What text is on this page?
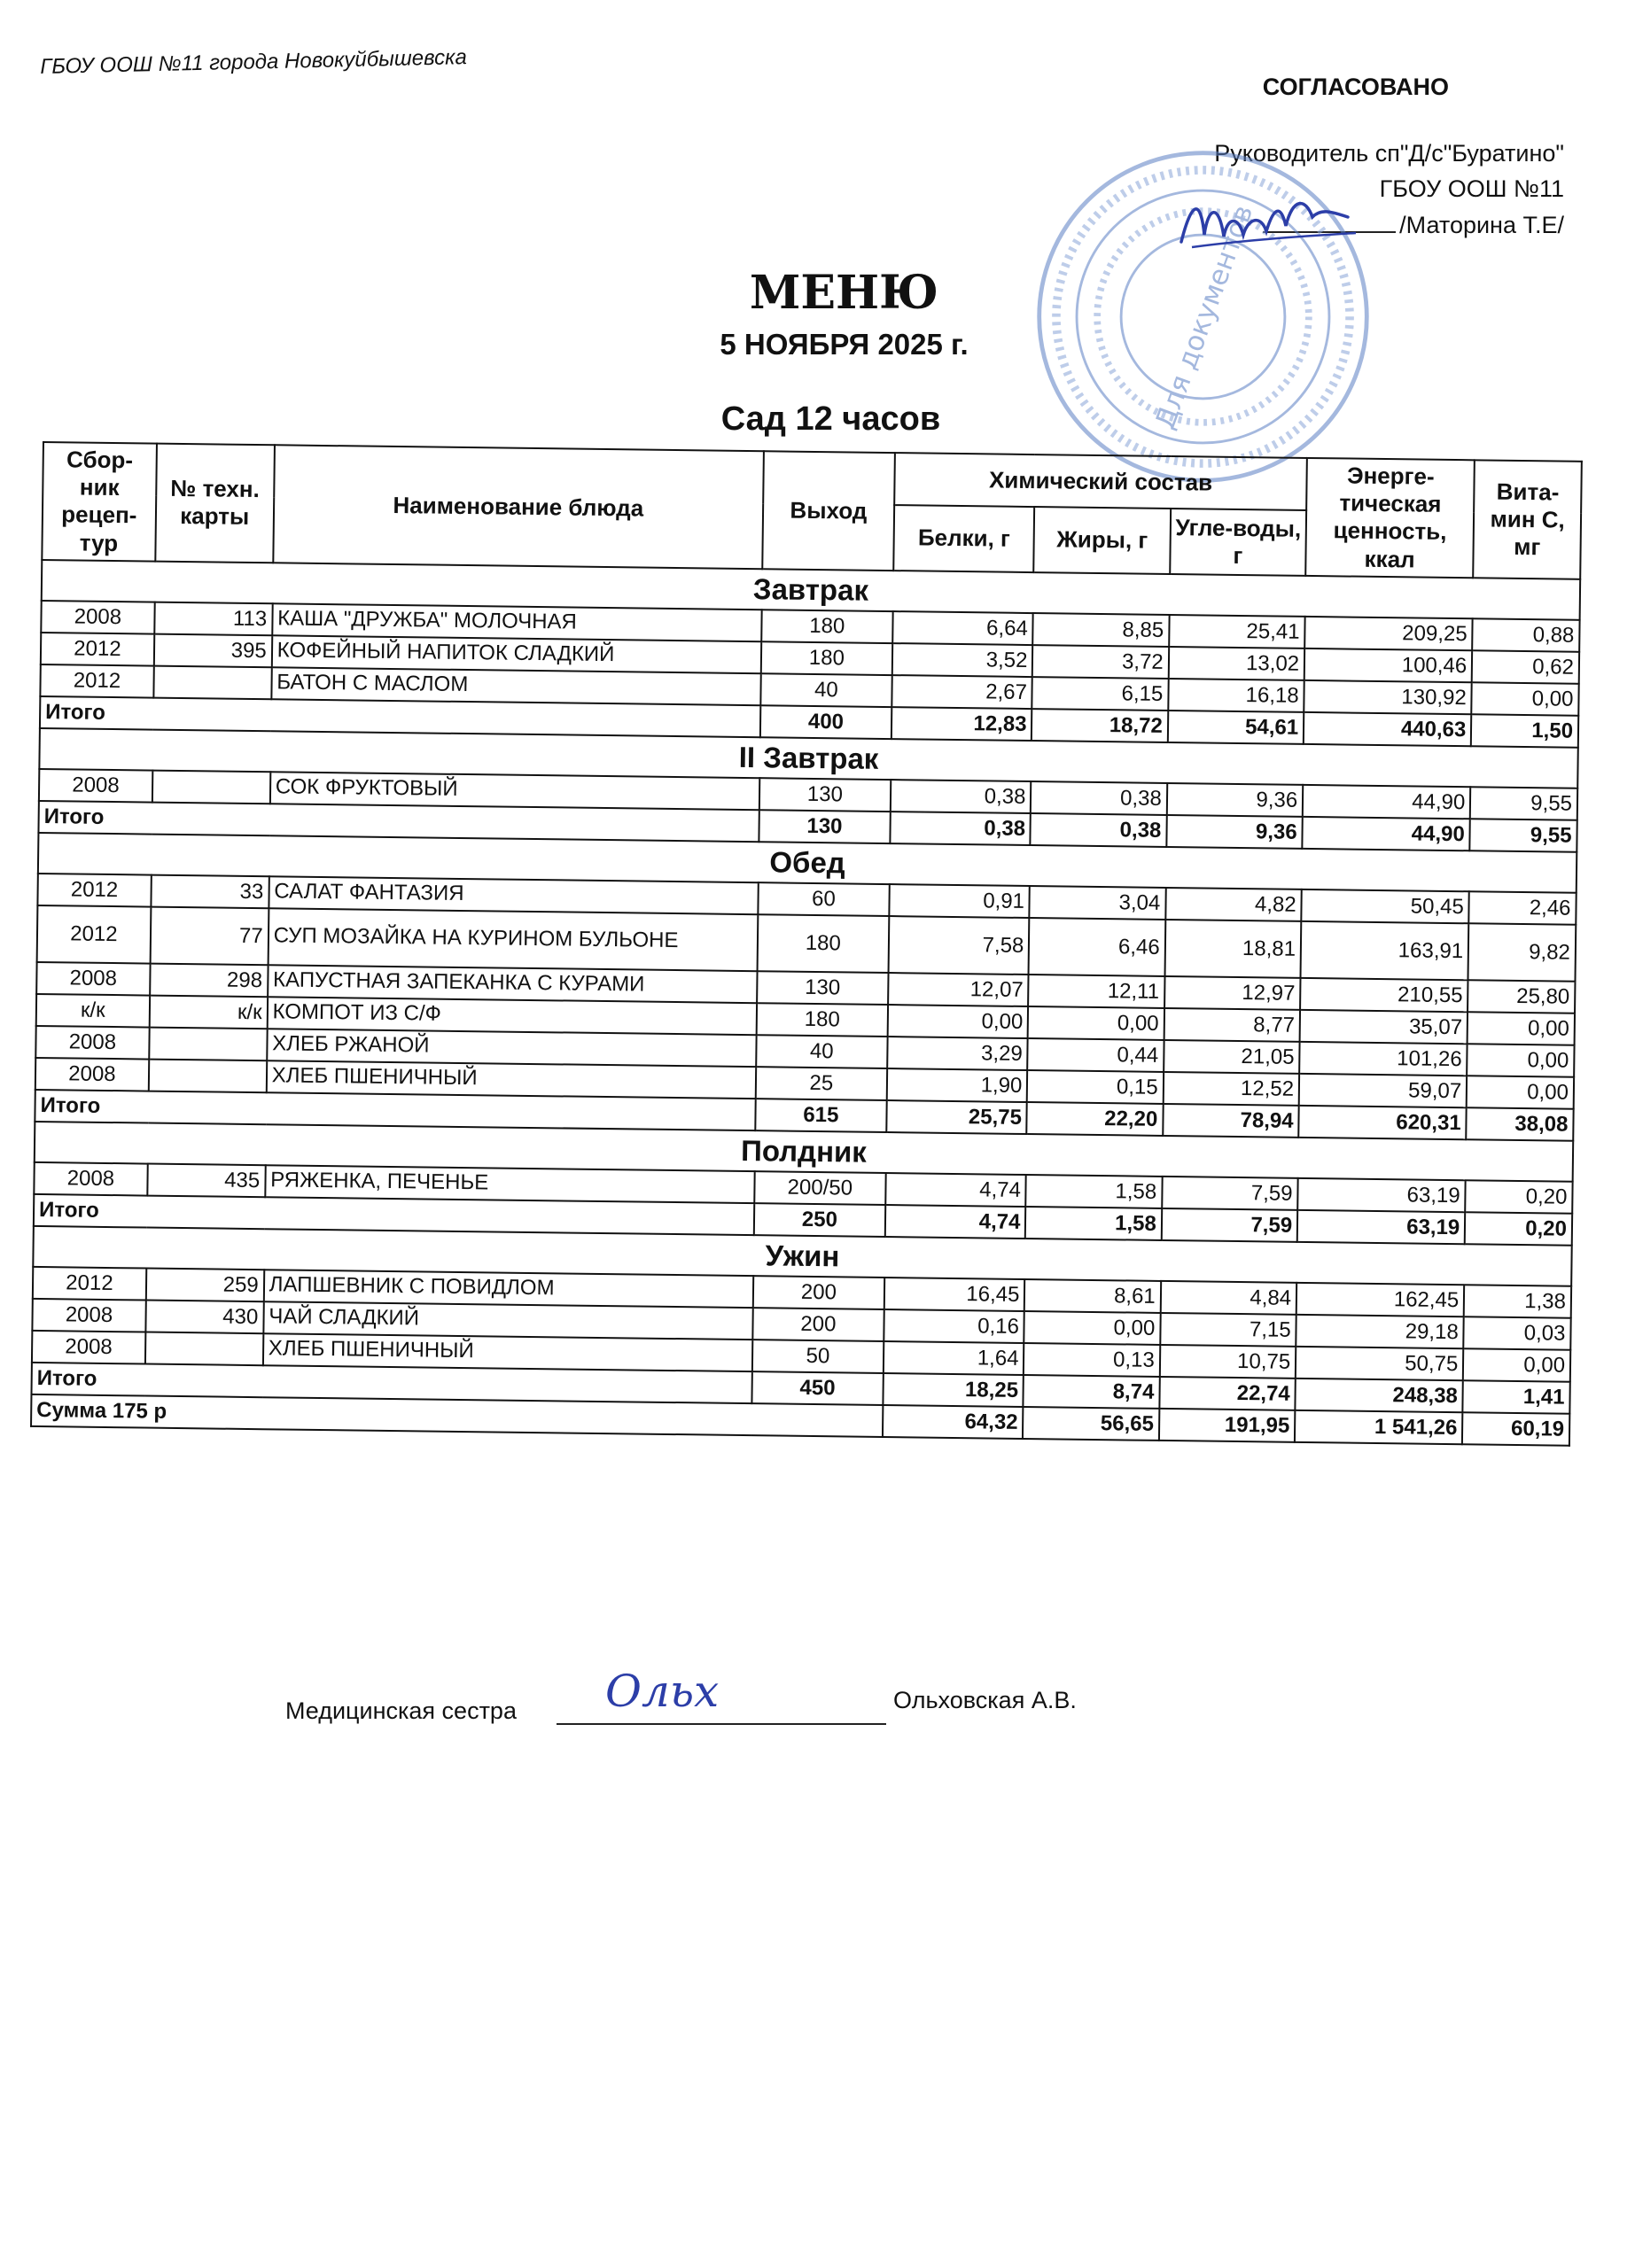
ГБОУ ООШ №11 города Новокуйбышевска
СОГЛАСОВАНО
Руководитель сп"Д/с"Буратино"
ГБОУ ООШ №11
/Маторина Т.Е/
Для документов
МЕНЮ
5 НОЯБРЯ 2025 г.
Сад 12 часов
Сбор-ник рецеп-тур	№ техн. карты	Наименование блюда	Выход	Химический состав			Энерге-тическая ценность, ккал	Вита-мин С, мг
				Белки, г	Жиры, г	Угле-воды, г		
Завтрак								
2008	113	КАША "ДРУЖБА" МОЛОЧНАЯ	180	6,64	8,85	25,41	209,25	0,88
2012	395	КОФЕЙНЫЙ НАПИТОК СЛАДКИЙ	180	3,52	3,72	13,02	100,46	0,62
2012		БАТОН С МАСЛОМ	40	2,67	6,15	16,18	130,92	0,00
Итого			400	12,83	18,72	54,61	440,63	1,50
II Завтрак								
2008		СОК ФРУКТОВЫЙ	130	0,38	0,38	9,36	44,90	9,55
Итого			130	0,38	0,38	9,36	44,90	9,55
Обед								
2012	33	САЛАТ ФАНТАЗИЯ	60	0,91	3,04	4,82	50,45	2,46
2012	77	СУП МОЗАЙКА НА КУРИНОМ БУЛЬОНЕ	180	7,58	6,46	18,81	163,91	9,82
2008	298	КАПУСТНАЯ ЗАПЕКАНКА С КУРАМИ	130	12,07	12,11	12,97	210,55	25,80
к/к	к/к	КОМПОТ ИЗ С/Ф	180	0,00	0,00	8,77	35,07	0,00
2008		ХЛЕБ РЖАНОЙ	40	3,29	0,44	21,05	101,26	0,00
2008		ХЛЕБ ПШЕНИЧНЫЙ	25	1,90	0,15	12,52	59,07	0,00
Итого			615	25,75	22,20	78,94	620,31	38,08
Полдник								
2008	435	РЯЖЕНКА, ПЕЧЕНЬЕ	200/50	4,74	1,58	7,59	63,19	0,20
Итого			250	4,74	1,58	7,59	63,19	0,20
Ужин								
2012	259	ЛАПШЕВНИК С ПОВИДЛОМ	200	16,45	8,61	4,84	162,45	1,38
2008	430	ЧАЙ СЛАДКИЙ	200	0,16	0,00	7,15	29,18	0,03
2008		ХЛЕБ ПШЕНИЧНЫЙ	50	1,64	0,13	10,75	50,75	0,00
Итого			450	18,25	8,74	22,74	248,38	1,41
Сумма 175 р				64,32	56,65	191,95	1 541,26	60,19
Медицинская сестра Ольх	Ольховская А.В.
